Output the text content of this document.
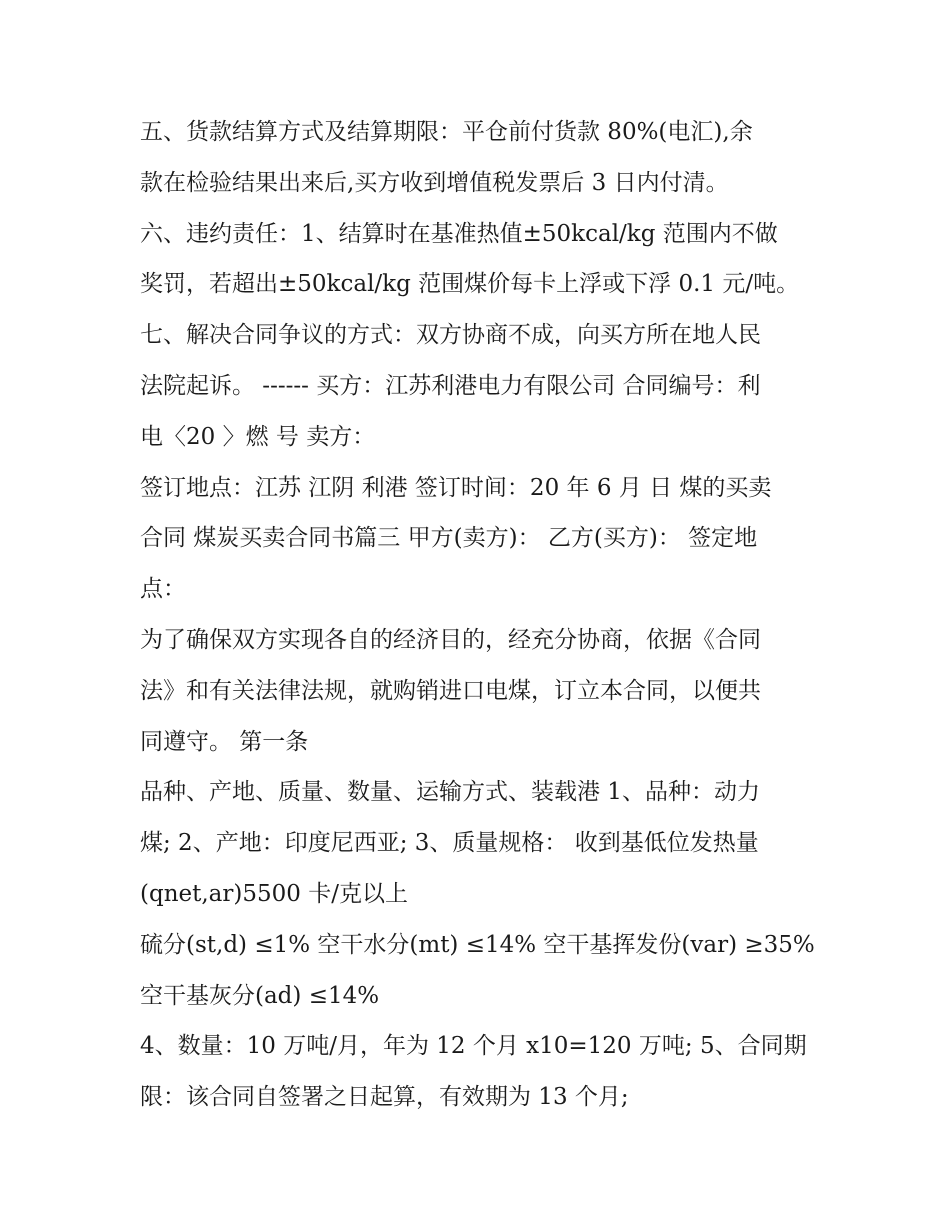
五、货款结算方式及结算期限：平仓前付货款 80%(电汇),余
款在检验结果出来后,买方收到增值税发票后 3 日内付清。
六、违约责任：1、结算时在基准热值±50kcal/kg 范围内不做
奖罚，若超出±50kcal/kg 范围煤价每卡上浮或下浮 0.1 元/吨。
七、解决合同争议的方式：双方协商不成，向买方所在地人民
法院起诉。 ------ 买方：江苏利港电力有限公司 合同编号：利
电〈20 〉燃 号 卖方：
签订地点：江苏 江阴 利港 签订时间：20 年 6 月 日 煤的买卖
合同 煤炭买卖合同书篇三 甲方(卖方)： 乙方(买方)： 签定地
点：
为了确保双方实现各自的经济目的，经充分协商，依据《合同
法》和有关法律法规，就购销进口电煤，订立本合同，以便共
同遵守。 第一条
品种、产地、质量、数量、运输方式、装载港 1、品种：动力
煤; 2、产地：印度尼西亚; 3、质量规格： 收到基低位发热量
(qnet,ar)5500 卡/克以上
硫分(st,d) ≤1% 空干水分(mt) ≤14% 空干基挥发份(var) ≥35%
空干基灰分(ad) ≤14%
4、数量：10 万吨/月，年为 12 个月 x10=120 万吨; 5、合同期
限：该合同自签署之日起算，有效期为 13 个月;
